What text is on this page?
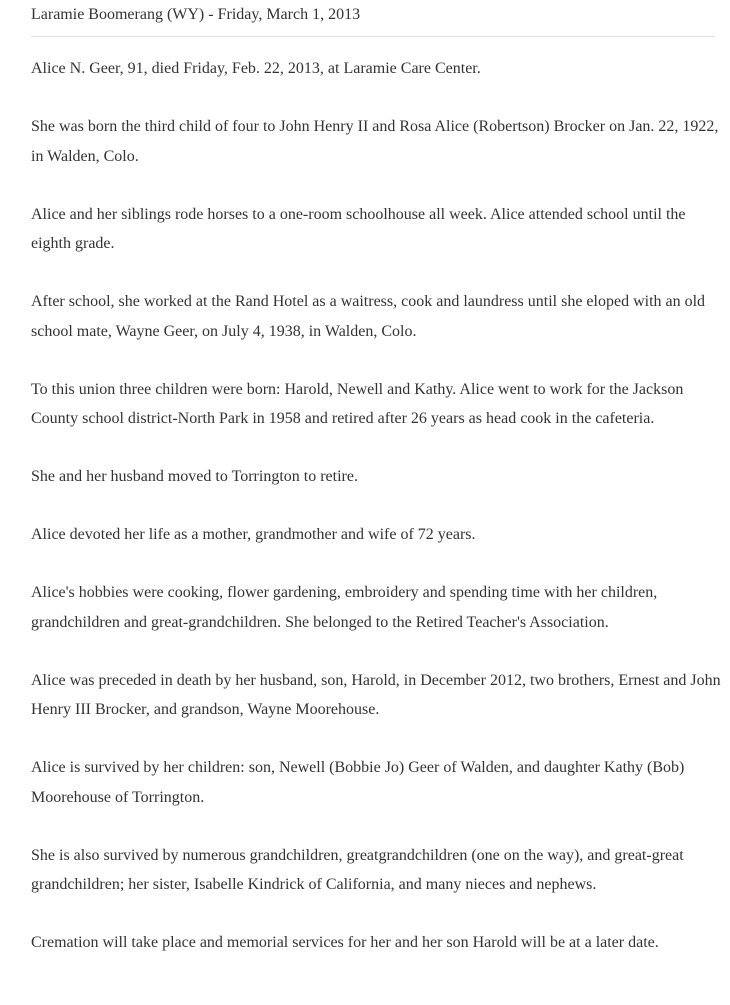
Laramie Boomerang (WY) - Friday, March 1, 2013

Alice N. Geer, 91, died Friday, Feb. 22, 2013, at Laramie Care Center.

She was born the third child of four to John Henry II and Rosa Alice (Robertson) Brocker on Jan. 22, 1922, in Walden, Colo.

Alice and her siblings rode horses to a one-room schoolhouse all week. Alice attended school until the eighth grade.

After school, she worked at the Rand Hotel as a waitress, cook and laundress until she eloped with an old school mate, Wayne Geer, on July 4, 1938, in Walden, Colo.

To this union three children were born: Harold, Newell and Kathy. Alice went to work for the Jackson County school district-North Park in 1958 and retired after 26 years as head cook in the cafeteria.

She and her husband moved to Torrington to retire.

Alice devoted her life as a mother, grandmother and wife of 72 years.

Alice's hobbies were cooking, flower gardening, embroidery and spending time with her children, grandchildren and great-grandchildren. She belonged to the Retired Teacher's Association.

Alice was preceded in death by her husband, son, Harold, in December 2012, two brothers, Ernest and John Henry III Brocker, and grandson, Wayne Moorehouse.

Alice is survived by her children: son, Newell (Bobbie Jo) Geer of Walden, and daughter Kathy (Bob) Moorehouse of Torrington.

She is also survived by numerous grandchildren, greatgrandchildren (one on the way), and great-great grandchildren; her sister, Isabelle Kindrick of California, and many nieces and nephews.

Cremation will take place and memorial services for her and her son Harold will be at a later date.
